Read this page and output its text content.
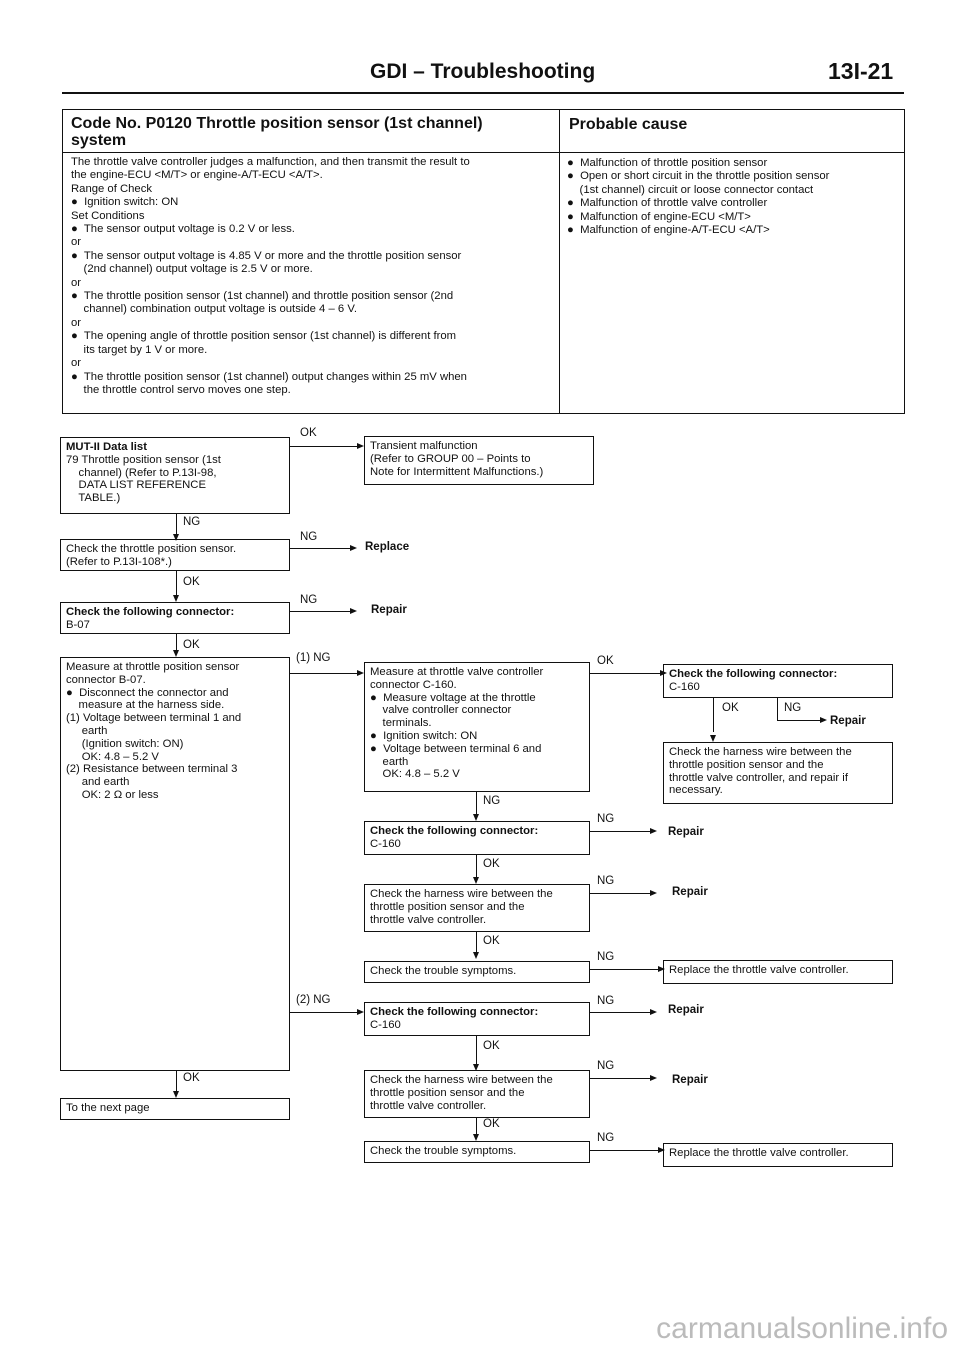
GDI – Troubleshooting	13I-21
Code No. P0120 Throttle position sensor (1st channel)
system
Probable cause
The throttle valve controller judges a malfunction, and then transmit the result to
the engine-ECU <M/T> or engine-A/T-ECU <A/T>.
Range of Check
●  Ignition switch: ON
Set Conditions
●  The sensor output voltage is 0.2 V or less.
or
●  The sensor output voltage is 4.85 V or more and the throttle position sensor
(2nd channel) output voltage is 2.5 V or more.
or
●  The throttle position sensor (1st channel) and throttle position sensor (2nd
channel) combination output voltage is outside 4 – 6 V.
or
●  The opening angle of throttle position sensor (1st channel) is different from
its target by 1 V or more.
or
●  The throttle position sensor (1st channel) output changes within 25 mV when
the throttle control servo moves one step.
●  Malfunction of throttle position sensor
●  Open or short circuit in the throttle position sensor
(1st channel) circuit or loose connector contact
●  Malfunction of throttle valve controller
●  Malfunction of engine-ECU <M/T>
●  Malfunction of engine-A/T-ECU <A/T>
MUT-II Data list
79 Throttle position sensor (1st
channel) (Refer to P.13I-98,
DATA LIST REFERENCE
TABLE.)
OK
Transient malfunction
(Refer to GROUP 00 – Points to
Note for Intermittent Malfunctions.)
NG
Check the throttle position sensor.
(Refer to P.13I-108*.)
NG
Replace
OK
Check the following connector:
B-07
NG
Repair
OK
Measure at throttle position sensor
connector B-07.
●  Disconnect the connector and
measure at the harness side.
(1) Voltage between terminal 1 and
earth
(Ignition switch: ON)
OK: 4.8 – 5.2 V
(2) Resistance between terminal 3
and earth
OK: 2 Ω or less
(1) NG
Measure at throttle valve controller
connector C-160.
●  Measure voltage at the throttle
valve controller connector
terminals.
●  Ignition switch: ON
●  Voltage between terminal 6 and
earth
OK: 4.8 – 5.2 V
OK
Check the following connector:
C-160
OK	NG
Repair
Check the harness wire between the
throttle position sensor and the
throttle valve controller, and repair if
necessary.
NG
Check the following connector:
C-160
NG
Repair
OK
Check the harness wire between the
throttle position sensor and the
throttle valve controller.
NG
Repair
OK
Check the trouble symptoms.
NG
Replace the throttle valve controller.
(2) NG
Check the following connector:
C-160
NG
Repair
OK
Check the harness wire between the
throttle position sensor and the
throttle valve controller.
NG
Repair
OK
Check the trouble symptoms.
NG
Replace the throttle valve controller.
OK
To the next page
carmanualsonline.info
